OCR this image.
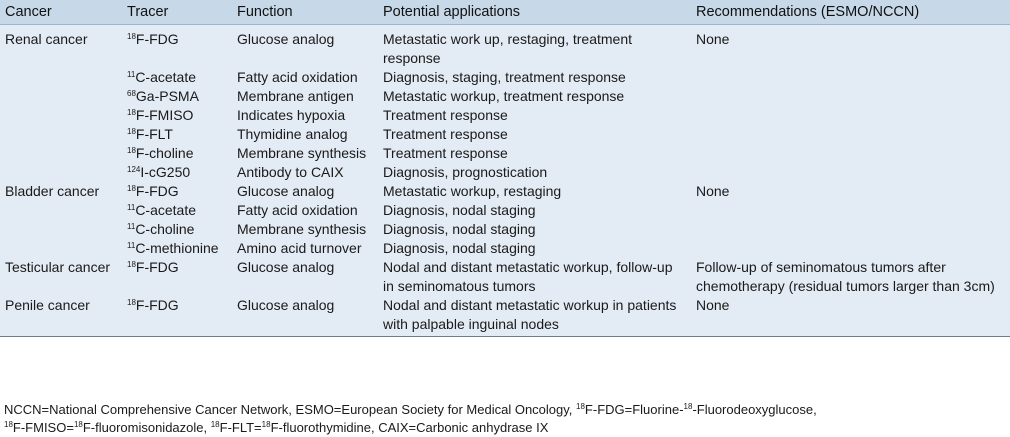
Cancer	Tracer	Function	Potential applications	Recommendations (ESMO/NCCN)
Renal cancer	$^{18}$F-FDG	Glucose analog	Metastatic work up, restaging, treatment response	None
	$^{11}$C-acetate	Fatty acid oxidation	Diagnosis, staging, treatment response	
	$^{68}$Ga-PSMA	Membrane antigen	Metastatic workup, treatment response	
	$^{18}$F-FMISO	Indicates hypoxia	Treatment response	
	$^{18}$F-FLT	Thymidine analog	Treatment response	
	$^{18}$F-choline	Membrane synthesis	Treatment response	
	$^{124}$I-cG250	Antibody to CAIX	Diagnosis, prognostication	
Bladder cancer	$^{18}$F-FDG	Glucose analog	Metastatic workup, restaging	None
	$^{11}$C-acetate	Fatty acid oxidation	Diagnosis, nodal staging	
	$^{11}$C-choline	Membrane synthesis	Diagnosis, nodal staging	
	$^{11}$C-methionine	Amino acid turnover	Diagnosis, nodal staging	
Testicular cancer	$^{18}$F-FDG	Glucose analog	Nodal and distant metastatic workup, follow-up in seminomatous tumors	Follow-up of seminomatous tumors after chemotherapy (residual tumors larger than 3cm)
Penile cancer	$^{18}$F-FDG	Glucose analog	Nodal and distant metastatic workup in patients with palpable inguinal nodes	None
NCCN=National Comprehensive Cancer Network, ESMO=European Society for Medical Oncology, $^{18}$F-FDG=Fluorine-$^{18}$-Fluorodeoxyglucose,
$^{18}$F-FMISO=$^{18}$F-fluoromisonidazole, $^{18}$F-FLT=$^{18}$F-fluorothymidine, CAIX=Carbonic anhydrase IX
